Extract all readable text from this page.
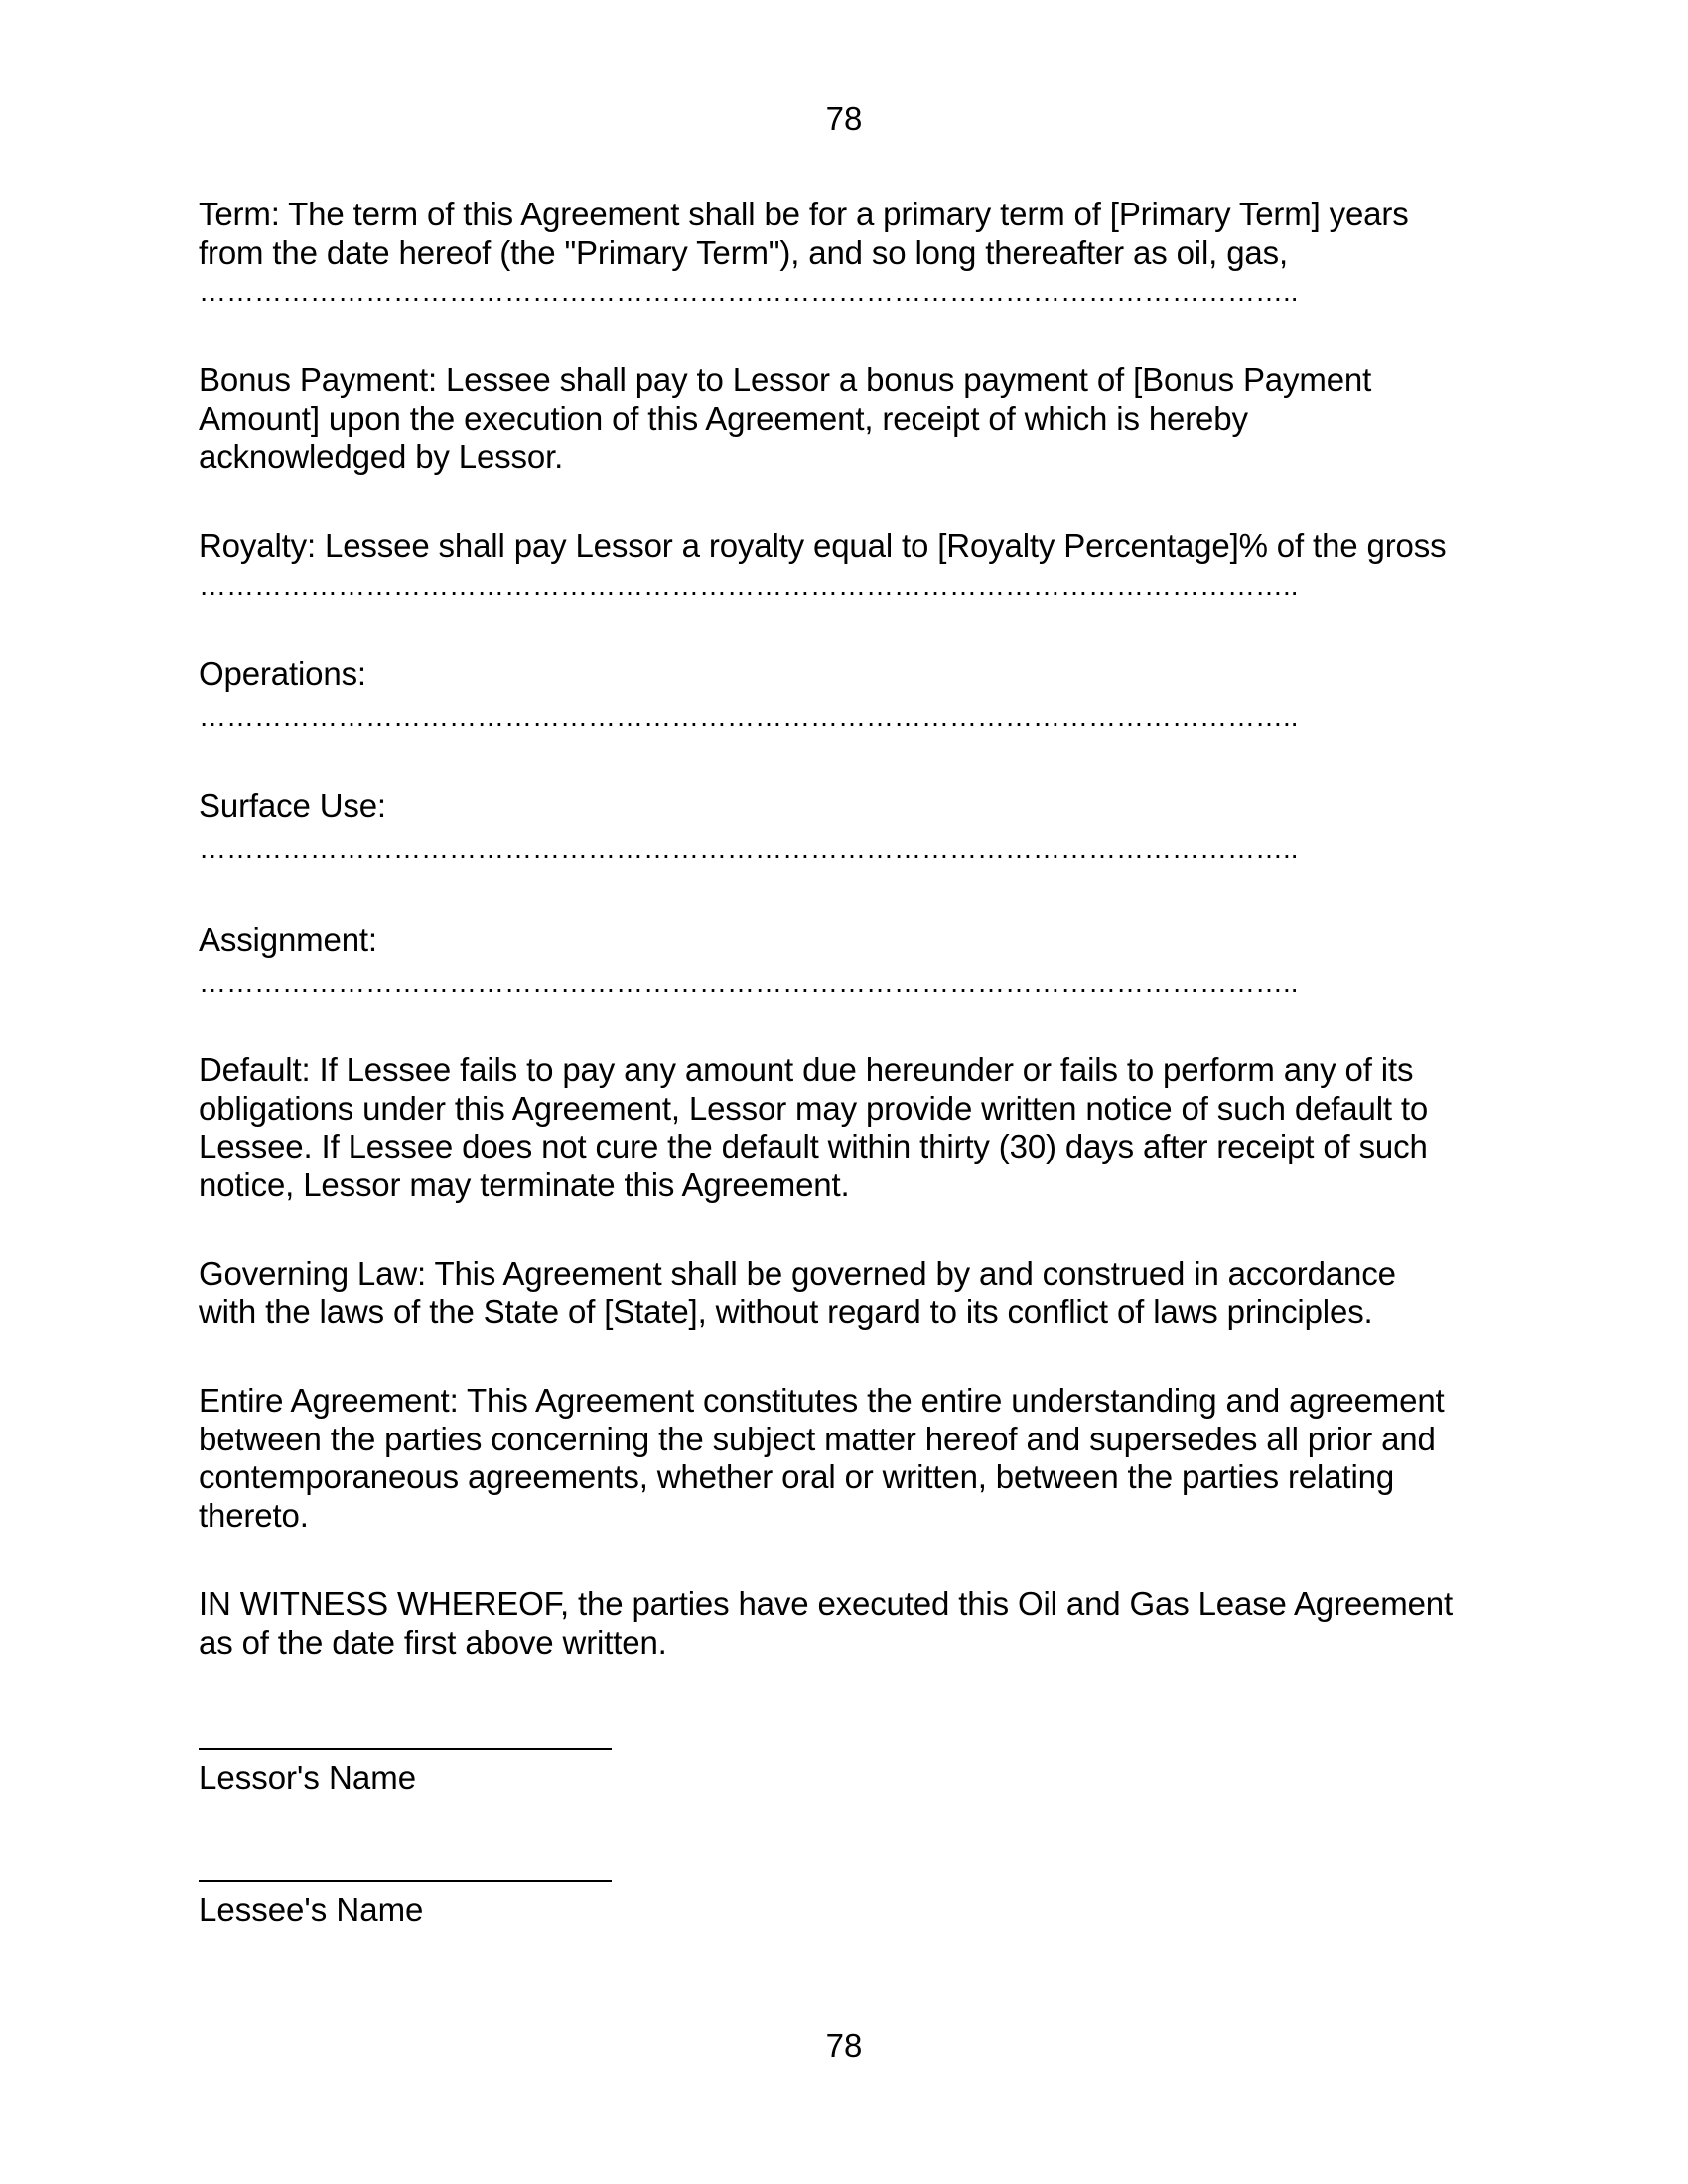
78
Term: The term of this Agreement shall be for a primary term of [Primary Term] years
from the date hereof (the "Primary Term"), and so long thereafter as oil, gas,
………………………………………………………………………………………………………..
Bonus Payment: Lessee shall pay to Lessor a bonus payment of [Bonus Payment
Amount] upon the execution of this Agreement, receipt of which is hereby
acknowledged by Lessor.
Royalty: Lessee shall pay Lessor a royalty equal to [Royalty Percentage]% of the gross
………………………………………………………………………………………………………..
Operations:
………………………………………………………………………………………………………..
Surface Use:
………………………………………………………………………………………………………..
Assignment:
………………………………………………………………………………………………………..
Default: If Lessee fails to pay any amount due hereunder or fails to perform any of its
obligations under this Agreement, Lessor may provide written notice of such default to
Lessee. If Lessee does not cure the default within thirty (30) days after receipt of such
notice, Lessor may terminate this Agreement.
Governing Law: This Agreement shall be governed by and construed in accordance
with the laws of the State of [State], without regard to its conflict of laws principles.
Entire Agreement: This Agreement constitutes the entire understanding and agreement
between the parties concerning the subject matter hereof and supersedes all prior and
contemporaneous agreements, whether oral or written, between the parties relating
thereto.
IN WITNESS WHEREOF, the parties have executed this Oil and Gas Lease Agreement
as of the date first above written.
Lessor's Name
Lessee's Name
78
